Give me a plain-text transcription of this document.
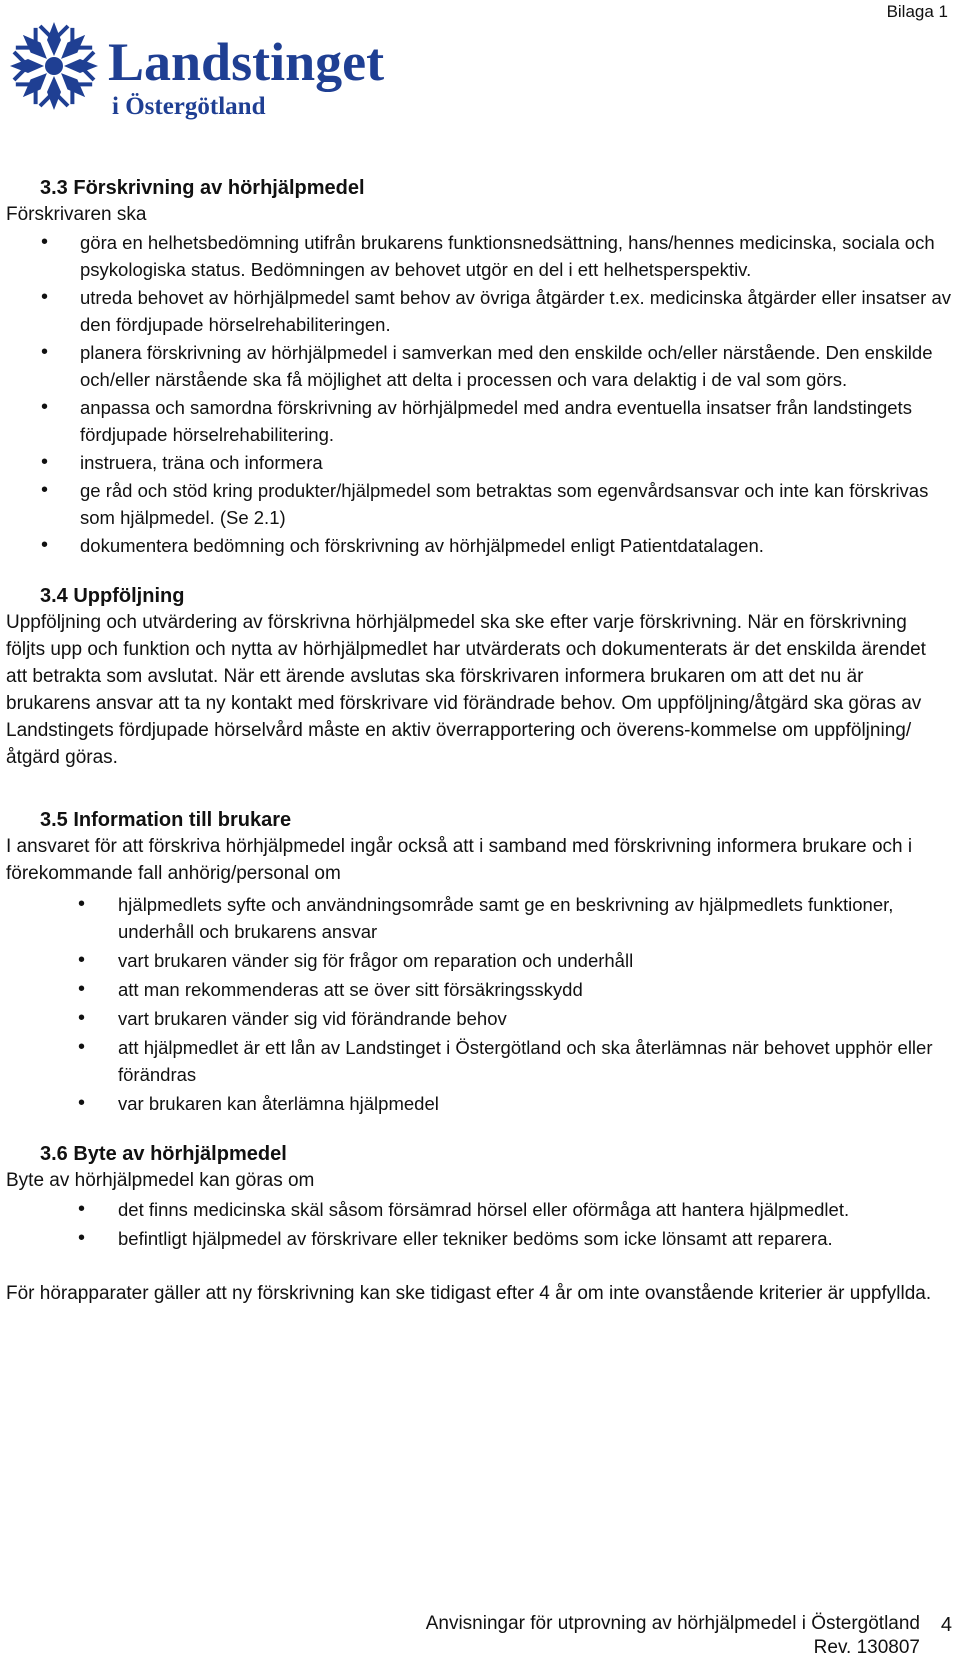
Bilaga 1
Landstinget
i Östergötland
3.3 Förskrivning av hörhjälpmedel

Förskrivaren ska

• göra en helhetsbedömning utifrån brukarens funktionsnedsättning, hans/hennes medicinska, sociala och psykologiska status. Bedömningen av behovet utgör en del i ett helhetsperspektiv.
• utreda behovet av hörhjälpmedel samt behov av övriga åtgärder t.ex. medicinska åtgärder eller insatser av den fördjupade hörselrehabiliteringen.
• planera förskrivning av hörhjälpmedel i samverkan med den enskilde och/eller närstående. Den enskilde och/eller närstående ska få möjlighet att delta i processen och vara delaktig i de val som görs.
• anpassa och samordna förskrivning av hörhjälpmedel med andra eventuella insatser från landstingets fördjupade hörselrehabilitering.
• instruera, träna och informera
• ge råd och stöd kring produkter/hjälpmedel som betraktas som egenvårdsansvar och inte kan förskrivas som hjälpmedel. (Se 2.1)
• dokumentera bedömning och förskrivning av hörhjälpmedel enligt Patientdatalagen.
3.4 Uppföljning

Uppföljning och utvärdering av förskrivna hörhjälpmedel ska ske efter varje förskrivning. När en förskrivning följts upp och funktion och nytta av hörhjälpmedlet har utvärderats och dokumenterats är det enskilda ärendet att betrakta som avslutat. När ett ärende avslutas ska förskrivaren informera brukaren om att det nu är brukarens ansvar att ta ny kontakt med förskrivare vid förändrade behov. Om uppföljning/åtgärd ska göras av Landstingets fördjupade hörselvård måste en aktiv överrapportering och överens-kommelse om uppföljning/åtgärd göras.

3.5 Information till brukare

I ansvaret för att förskriva hörhjälpmedel ingår också att i samband med förskrivning informera brukare och i förekommande fall anhörig/personal om

• hjälpmedlets syfte och användningsområde samt ge en beskrivning av hjälpmedlets funktioner, underhåll och brukarens ansvar
• vart brukaren vänder sig för frågor om reparation och underhåll
• att man rekommenderas att se över sitt försäkringsskydd
• vart brukaren vänder sig vid förändrande behov
• att hjälpmedlet är ett lån av Landstinget i Östergötland och ska återlämnas när behovet upphör eller förändras
• var brukaren kan återlämna hjälpmedel
3.6 Byte av hörhjälpmedel

Byte av hörhjälpmedel kan göras om

• det finns medicinska skäl såsom försämrad hörsel eller oförmåga att hantera hjälpmedlet.
• befintligt hjälpmedel av förskrivare eller tekniker bedöms som icke lönsamt att reparera.

För hörapparater gäller att ny förskrivning kan ske tidigast efter 4 år om inte ovanstående kriterier är uppfyllda.

Anvisningar för utprovning av hörhjälpmedel i Östergötland
Rev. 130807
4
